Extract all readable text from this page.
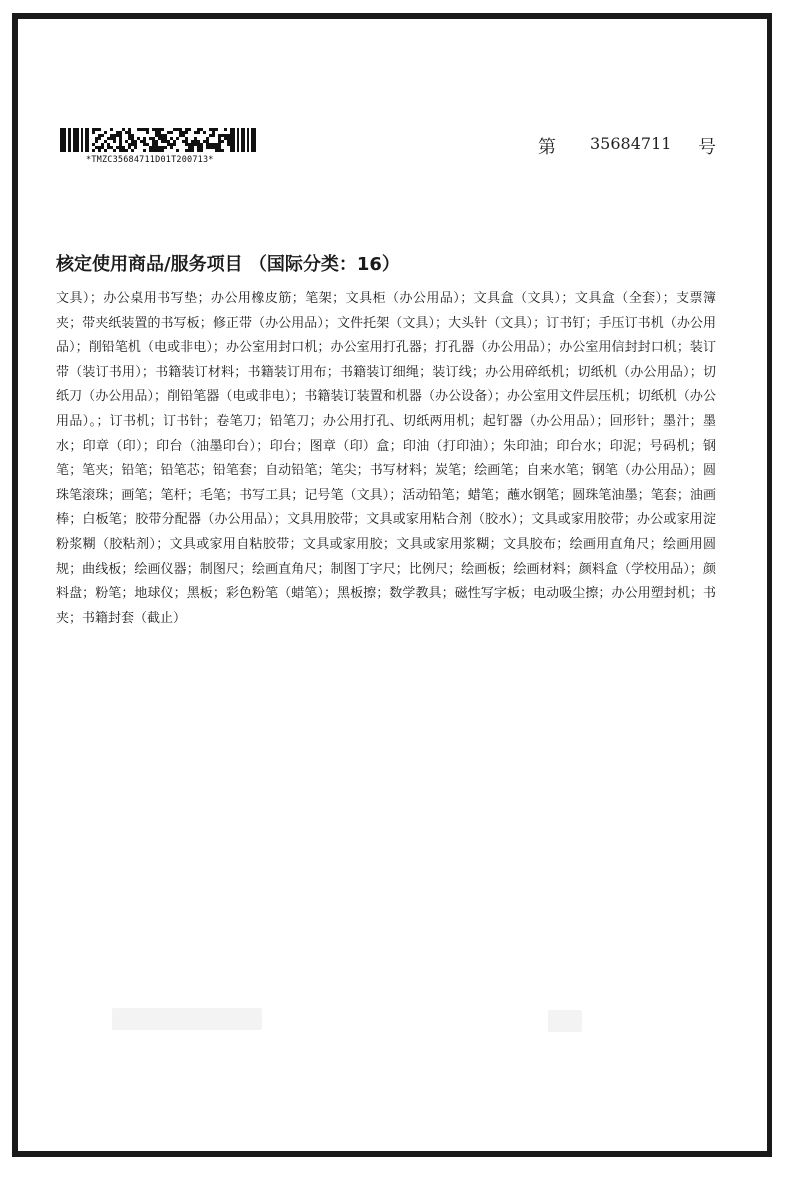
*TMZC35684711D01T200713*
第 35684711 号
核定使用商品/服务项目 （国际分类：16）
文具）；办公桌用书写垫；办公用橡皮筋；笔架；文具柜（办公用品）；文具盒（文具）；文具盒（全套）；支票簿夹；带夹纸装置的书写板；修正带（办公用品）；文件托架（文具）；大头针（文具）；订书钉；手压订书机（办公用品）；削铅笔机（电或非电）；办公室用封口机；办公室用打孔器；打孔器（办公用品）；办公室用信封封口机；装订带（装订书用）；书籍装订材料；书籍装订用布；书籍装订细绳；装订线；办公用碎纸机；切纸机（办公用品）；切纸刀（办公用品）；削铅笔器（电或非电）；书籍装订装置和机器（办公设备）；办公室用文件层压机；切纸机（办公用品）。；订书机；订书针；卷笔刀；铅笔刀；办公用打孔、切纸两用机；起钉器（办公用品）；回形针；墨汁；墨水；印章（印）；印台（油墨印台）；印台；图章（印）盒；印油（打印油）；朱印油；印台水；印泥；号码机；钢笔；笔夹；铅笔；铅笔芯；铅笔套；自动铅笔；笔尖；书写材料；炭笔；绘画笔；自来水笔；钢笔（办公用品）；圆珠笔滚珠；画笔；笔杆；毛笔；书写工具；记号笔（文具）；活动铅笔；蜡笔；蘸水钢笔；圆珠笔油墨；笔套；油画棒；白板笔；胶带分配器（办公用品）；文具用胶带；文具或家用粘合剂（胶水）；文具或家用胶带；办公或家用淀粉浆糊（胶粘剂）；文具或家用自粘胶带；文具或家用胶；文具或家用浆糊；文具胶布；绘画用直角尺；绘画用圆规；曲线板；绘画仪器；制图尺；绘画直角尺；制图丁字尺；比例尺；绘画板；绘画材料；颜料盒（学校用品）；颜料盘；粉笔；地球仪；黑板；彩色粉笔（蜡笔）；黑板擦；数学教具；磁性写字板；电动吸尘擦；办公用塑封机；书夹；书籍封套（截止）
